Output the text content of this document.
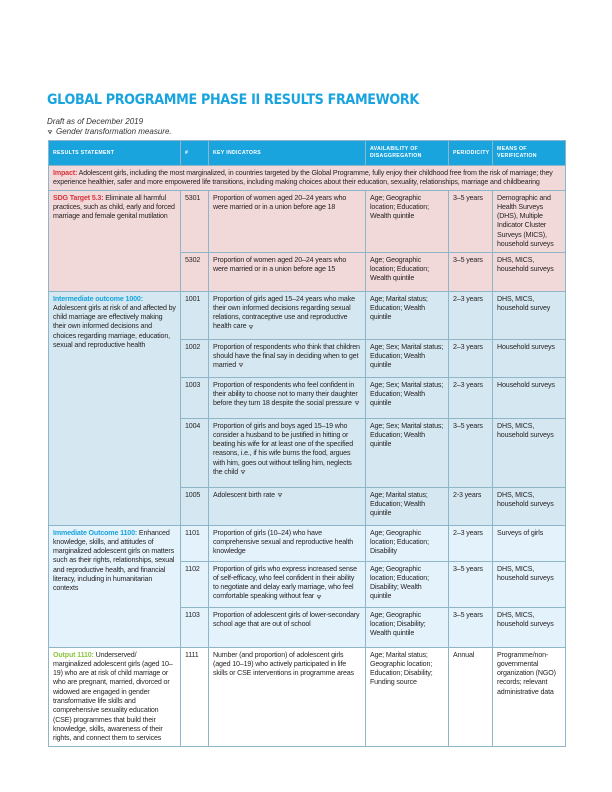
GLOBAL PROGRAMME PHASE II RESULTS FRAMEWORK
Draft as of December 2019
Gender transformation measure.
RESULTS STATEMENT	#	KEY INDICATORS	AVAILABILITY OF DISAGGREGATION	PERIODICITY	MEANS OF VERIFICATION
Impact: Adolescent girls, including the most marginalized, in countries targeted by the Global Programme, fully enjoy their childhood free from the risk of marriage; they experience healthier, safer and more empowered life transitions, including making choices about their education, sexuality, relationships, marriage and childbearing					
SDG Target 5.3: Eliminate all harmful practices, such as child, early and forced marriage and female genital mutilation	5301	Proportion of women aged 20–24 years who were married or in a union before age 18	Age; Geographic location; Education; Wealth quintile	3–5 years	Demographic and Health Surveys (DHS), Multiple Indicator Cluster Surveys (MICS), household surveys
	5302	Proportion of women aged 20–24 years who were married or in a union before age 15	Age; Geographic location; Education; Wealth quintile	3–5 years	DHS, MICS, household surveys
Intermediate outcome 1000:
Adolescent girls at risk of and affected by child marriage are effectively making their own informed decisions and choices regarding marriage, education, sexual and reproductive health	1001	Proportion of girls aged 15–24 years who make their own informed decisions regarding sexual relations, contraceptive use and reproductive health care	Age; Marital status; Education; Wealth quintile	2–3 years	DHS, MICS, household survey
	1002	Proportion of respondents who think that children should have the final say in deciding when to get married	Age; Sex; Marital status; Education; Wealth quintile	2–3 years	Household surveys
	1003	Proportion of respondents who feel confident in their ability to choose not to marry their daughter before they turn 18 despite the social pressure	Age; Sex; Marital status; Education; Wealth quintile	2–3 years	Household surveys
	1004	Proportion of girls and boys aged 15–19 who consider a husband to be justified in hitting or beating his wife for at least one of the specified reasons, i.e., if his wife burns the food, argues with him, goes out without telling him, neglects the child	Age; Sex; Marital status; Education; Wealth quintile	3–5 years	DHS, MICS, household surveys
	1005	Adolescent birth rate	Age; Marital status; Education; Wealth quintile	2-3 years	DHS, MICS, household surveys
Immediate Outcome 1100: Enhanced knowledge, skills, and attitudes of marginalized adolescent girls on matters such as their rights, relationships, sexual and reproductive health, and financial literacy, including in humanitarian contexts	1101	Proportion of girls (10–24) who have comprehensive sexual and reproductive health knowledge	Age; Geographic location; Education; Disability	2–3 years	Surveys of girls
	1102	Proportion of girls who express increased sense of self-efficacy, who feel confident in their ability to negotiate and delay early marriage, who feel comfortable speaking without fear	Age; Geographic location; Education; Disability; Wealth quintile	3–5 years	DHS, MICS, household surveys
	1103	Proportion of adolescent girls of lower-secondary school age that are out of school	Age; Geographic location; Disability; Wealth quintile	3–5 years	DHS, MICS, household surveys
Output 1110: Underserved/ marginalized adolescent girls (aged 10–19) who are at risk of child marriage or who are pregnant, married, divorced or widowed are engaged in gender transformative life skills and comprehensive sexuality education (CSE) programmes that build their knowledge, skills, awareness of their rights, and connect them to services	1111	Number (and proportion) of adolescent girls (aged 10–19) who actively participated in life skills or CSE interventions in programme areas	Age; Marital status; Geographic location; Education; Disability; Funding source	Annual	Programme/non-governmental organization (NGO) records; relevant administrative data
